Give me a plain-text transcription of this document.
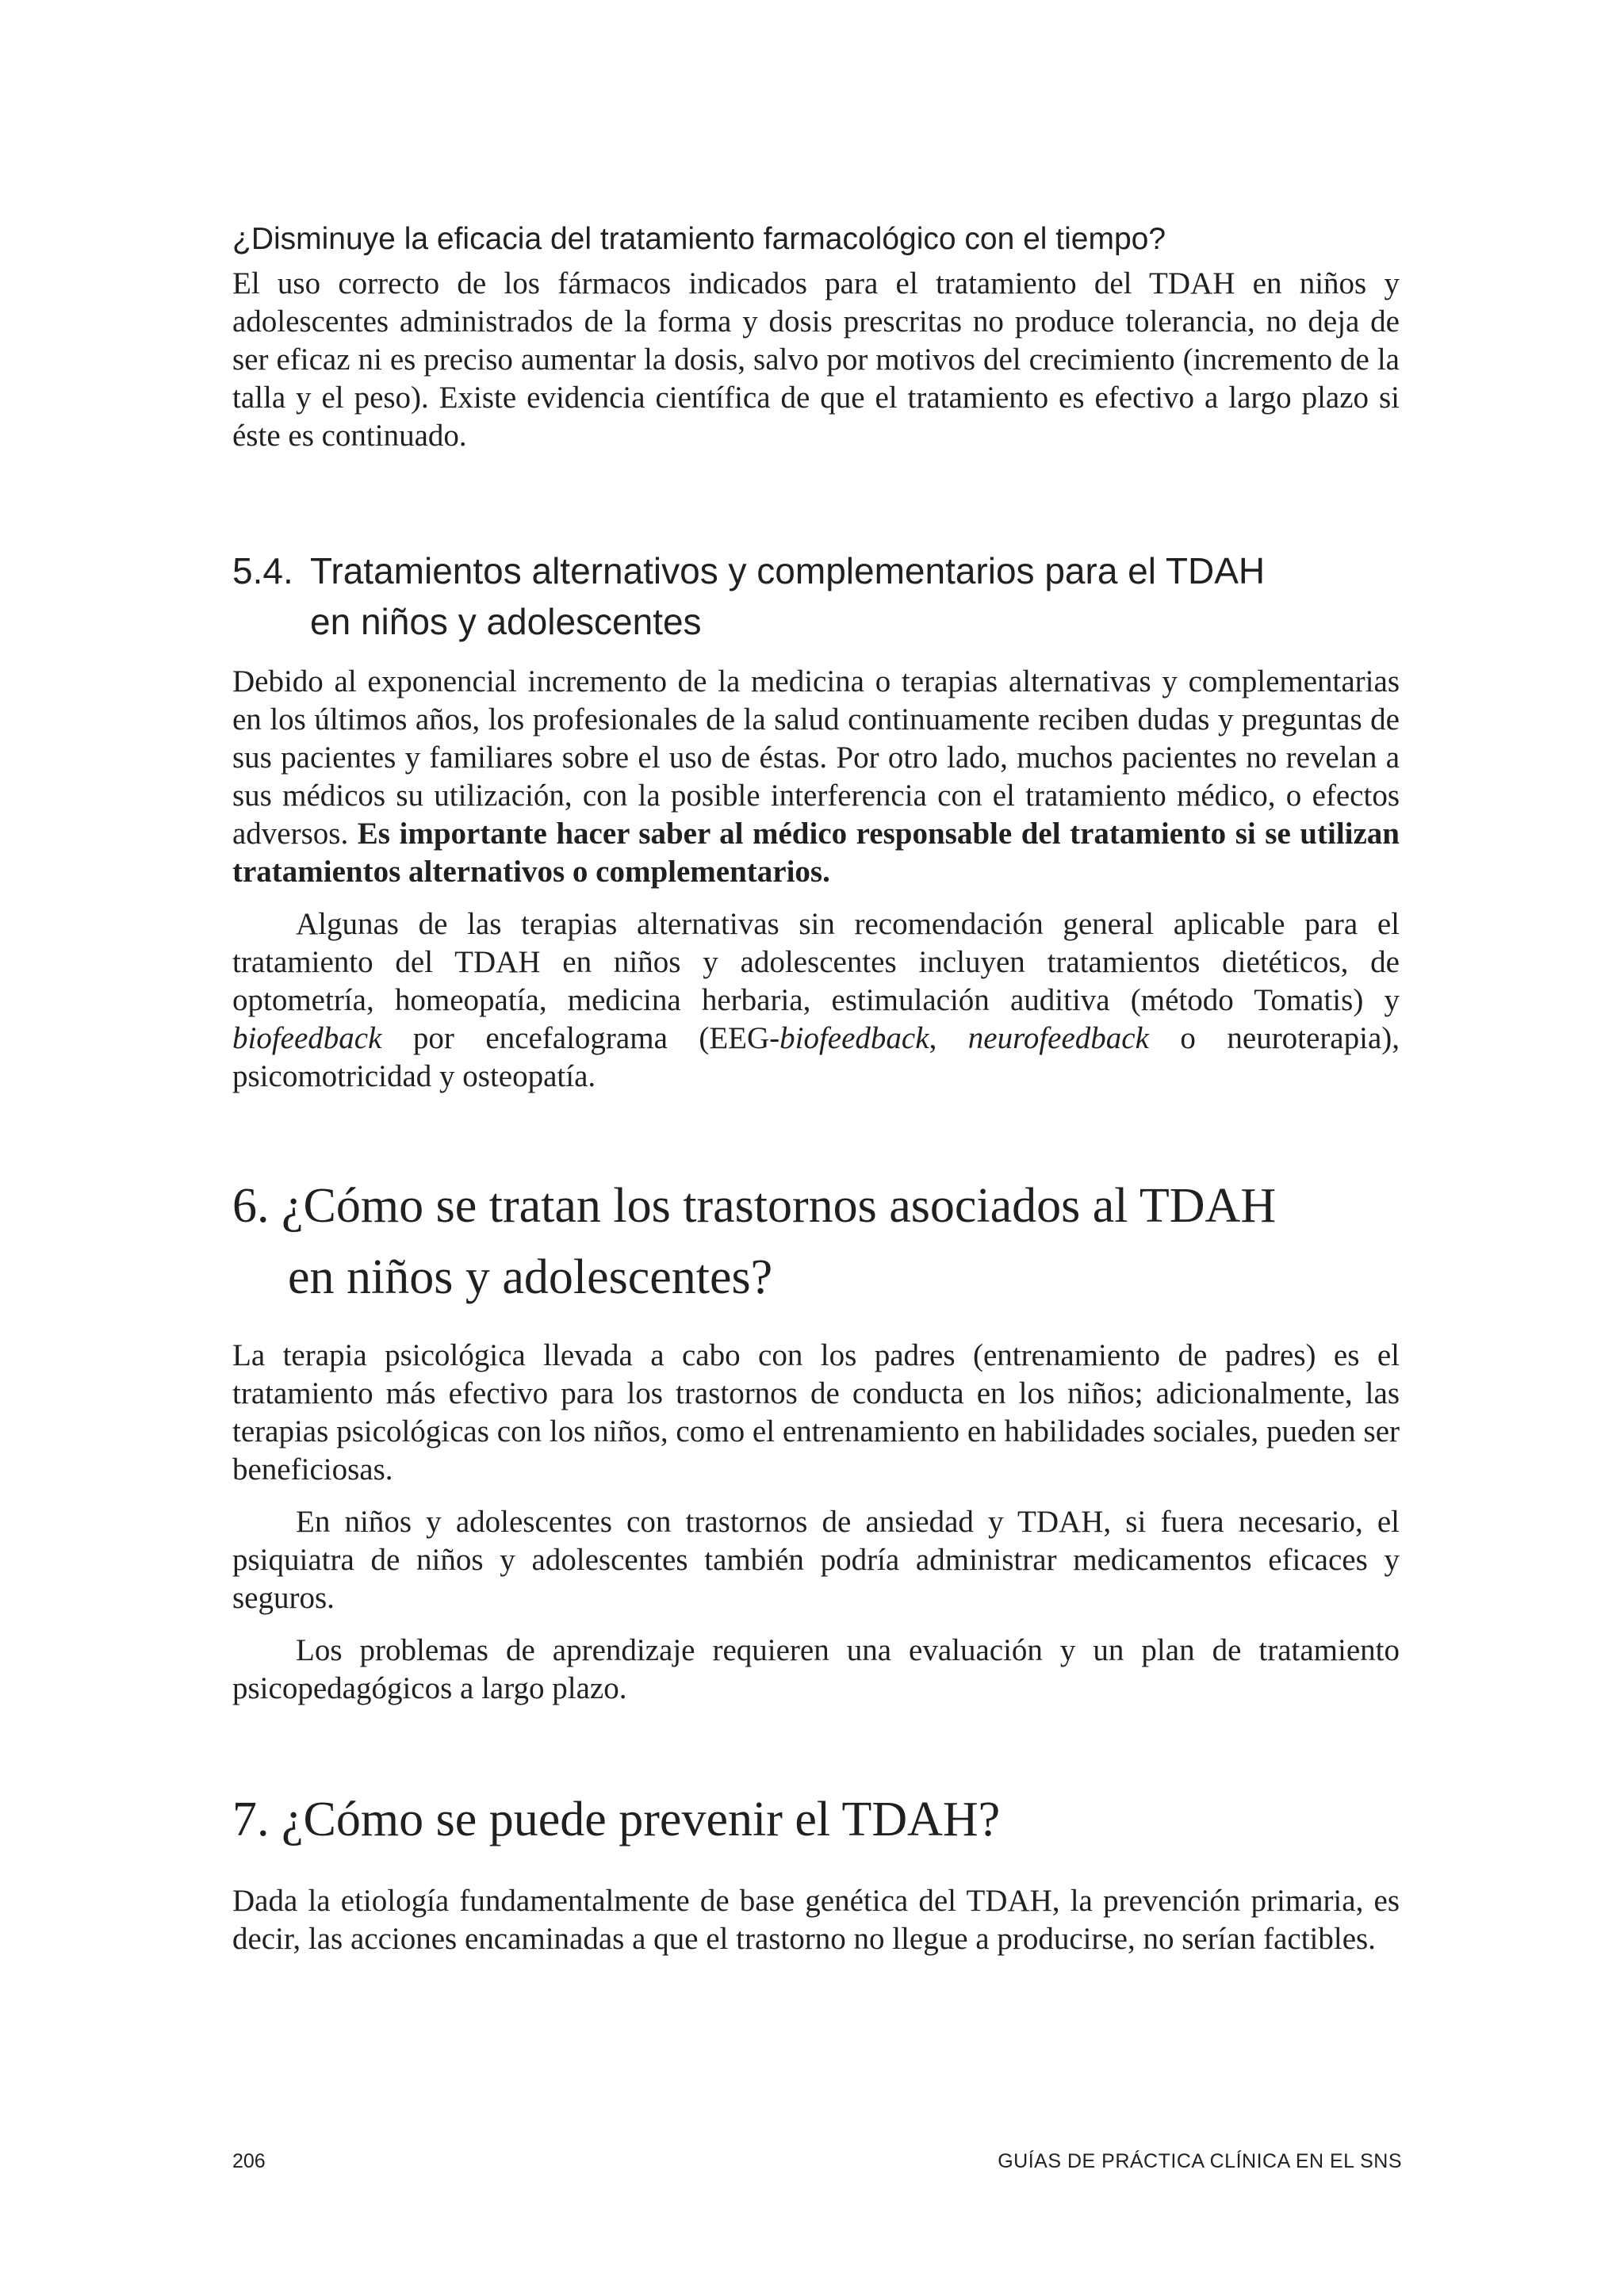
¿Disminuye la eficacia del tratamiento farmacológico con el tiempo?

El uso correcto de los fármacos indicados para el tratamiento del TDAH en niños y adolescentes administrados de la forma y dosis prescritas no produce tolerancia, no deja de ser eficaz ni es preciso aumentar la dosis, salvo por motivos del crecimiento (incremento de la talla y el peso). Existe evidencia científica de que el tratamiento es efectivo a largo plazo si éste es continuado.

5.4. Tratamientos alternativos y complementarios para el TDAH
en niños y adolescentes
Debido al exponencial incremento de la medicina o terapias alternativas y complementarias en los últimos años, los profesionales de la salud continuamente reciben dudas y preguntas de sus pacientes y familiares sobre el uso de éstas. Por otro lado, muchos pacientes no revelan a sus médicos su utilización, con la posible interferencia con el tratamiento médico, o efectos adversos. Es importante hacer saber al médico responsable del tratamiento si se utilizan tratamientos alternativos o complementarios.
Algunas de las terapias alternativas sin recomendación general aplicable para el tratamiento del TDAH en niños y adolescentes incluyen tratamientos dietéticos, de optometría, homeopatía, medicina herbaria, estimulación auditiva (método Tomatis) y biofeedback por encefalograma (EEG-biofeedback, neurofeedback o neuroterapia), psicomotricidad y osteopatía.
6. ¿Cómo se tratan los trastornos asociados al TDAH
en niños y adolescentes?
La terapia psicológica llevada a cabo con los padres (entrenamiento de padres) es el tratamiento más efectivo para los trastornos de conducta en los niños; adicionalmente, las terapias psicológicas con los niños, como el entrenamiento en habilidades sociales, pueden ser beneficiosas.
En niños y adolescentes con trastornos de ansiedad y TDAH, si fuera necesario, el psiquiatra de niños y adolescentes también podría administrar medicamentos eficaces y seguros.
Los problemas de aprendizaje requieren una evaluación y un plan de tratamiento psicopedagógicos a largo plazo.
7. ¿Cómo se puede prevenir el TDAH?

Dada la etiología fundamentalmente de base genética del TDAH, la prevención primaria, es decir, las acciones encaminadas a que el trastorno no llegue a producirse, no serían factibles.

206	GUÍAS DE PRÁCTICA CLÍNICA EN EL SNS
